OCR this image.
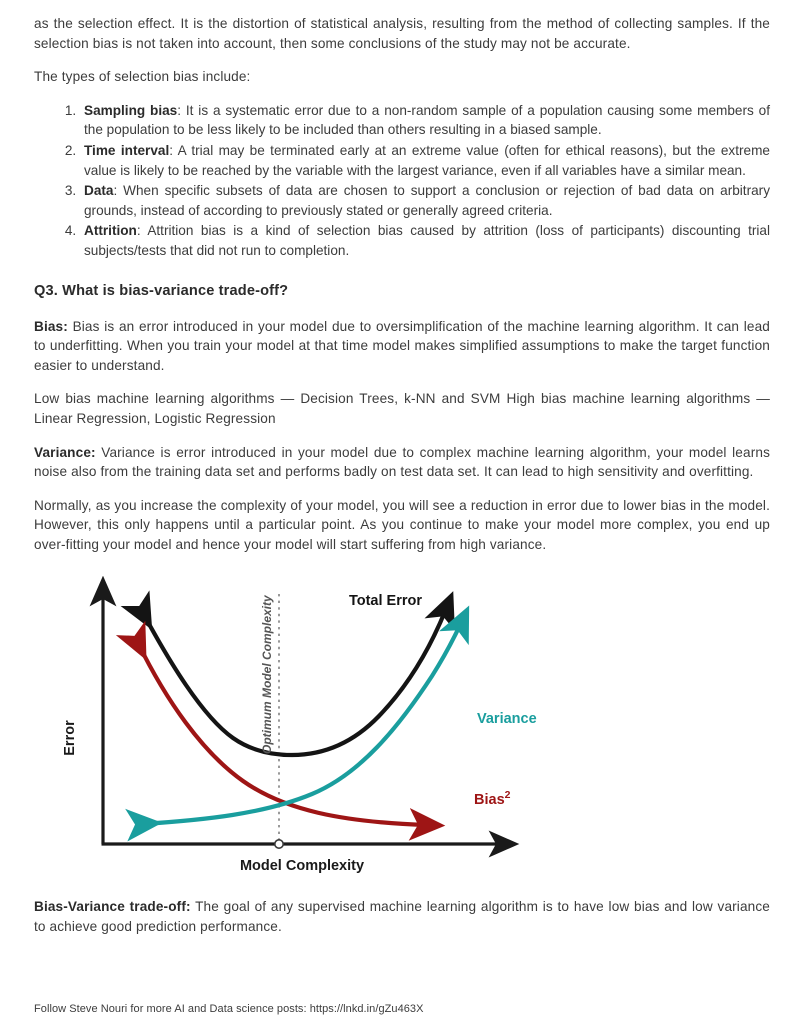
as the selection effect. It is the distortion of statistical analysis, resulting from the method of collecting samples. If the selection bias is not taken into account, then some conclusions of the study may not be accurate.

The types of selection bias include:

1. Sampling bias: It is a systematic error due to a non-random sample of a population causing some members of the population to be less likely to be included than others resulting in a biased sample.
2. Time interval: A trial may be terminated early at an extreme value (often for ethical reasons), but the extreme value is likely to be reached by the variable with the largest variance, even if all variables have a similar mean.
3. Data: When specific subsets of data are chosen to support a conclusion or rejection of bad data on arbitrary grounds, instead of according to previously stated or generally agreed criteria.
4. Attrition: Attrition bias is a kind of selection bias caused by attrition (loss of participants) discounting trial subjects/tests that did not run to completion.
Q3. What is bias-variance trade-off?

Bias: Bias is an error introduced in your model due to oversimplification of the machine learning algorithm. It can lead to underfitting. When you train your model at that time model makes simplified assumptions to make the target function easier to understand.

Low bias machine learning algorithms — Decision Trees, k-NN and SVM High bias machine learning algorithms — Linear Regression, Logistic Regression

Variance: Variance is error introduced in your model due to complex machine learning algorithm, your model learns noise also from the training data set and performs badly on test data set. It can lead to high sensitivity and overfitting.

Normally, as you increase the complexity of your model, you will see a reduction in error due to lower bias in the model. However, this only happens until a particular point. As you continue to make your model more complex, you end up over-fitting your model and hence your model will start suffering from high variance.

Total Error
Variance
Bias$^2$
Optimum Model Complexity
Error
Model Complexity

Bias-Variance trade-off: The goal of any supervised machine learning algorithm is to have low bias and low variance to achieve good prediction performance.

Follow Steve Nouri for more AI and Data science posts: https://lnkd.in/gZu463X
